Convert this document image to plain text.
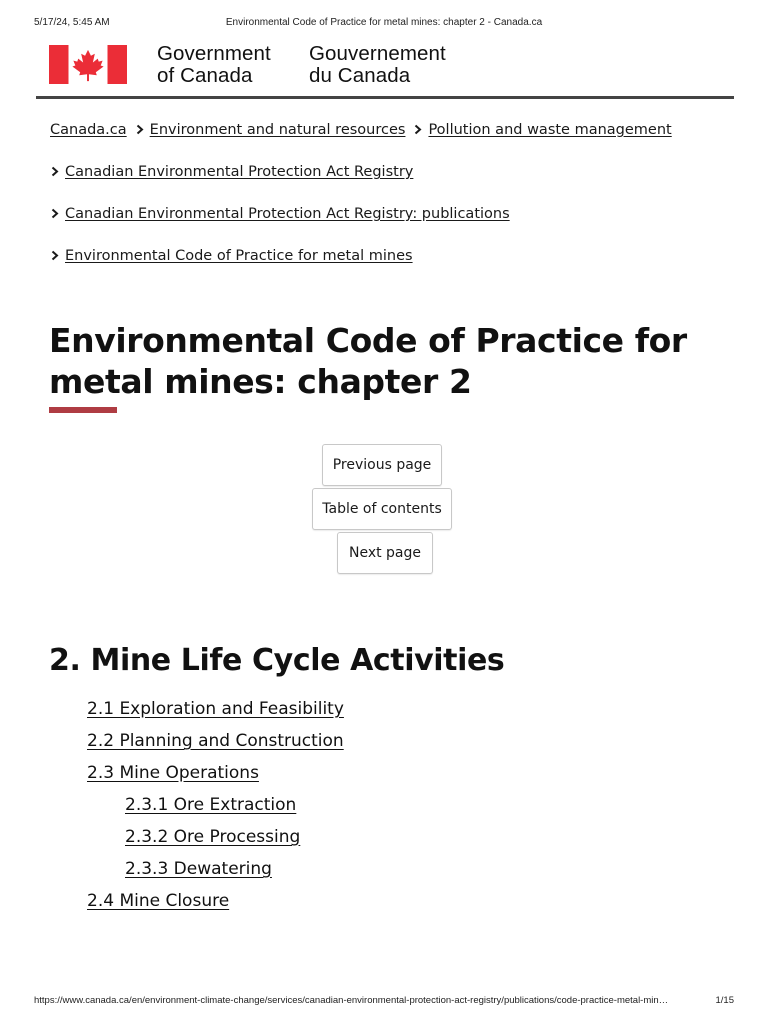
5/17/24, 5:45 AM	Environmental Code of Practice for metal mines: chapter 2 - Canada.ca
Government
of Canada
Gouvernement
du Canada
Canada.ca Environment and natural resources Pollution and waste management
Canadian Environmental Protection Act Registry
Canadian Environmental Protection Act Registry: publications
Environmental Code of Practice for metal mines
Environmental Code of Practice for metal mines: chapter 2
Previous page
Table of contents
Next page
2. Mine Life Cycle Activities
2.1 Exploration and Feasibility
2.2 Planning and Construction
2.3 Mine Operations
2.3.1 Ore Extraction
2.3.2 Ore Processing
2.3.3 Dewatering
2.4 Mine Closure
https://www.canada.ca/en/environment-climate-change/services/canadian-environmental-protection-act-registry/publications/code-practice-metal-min…	1/15
